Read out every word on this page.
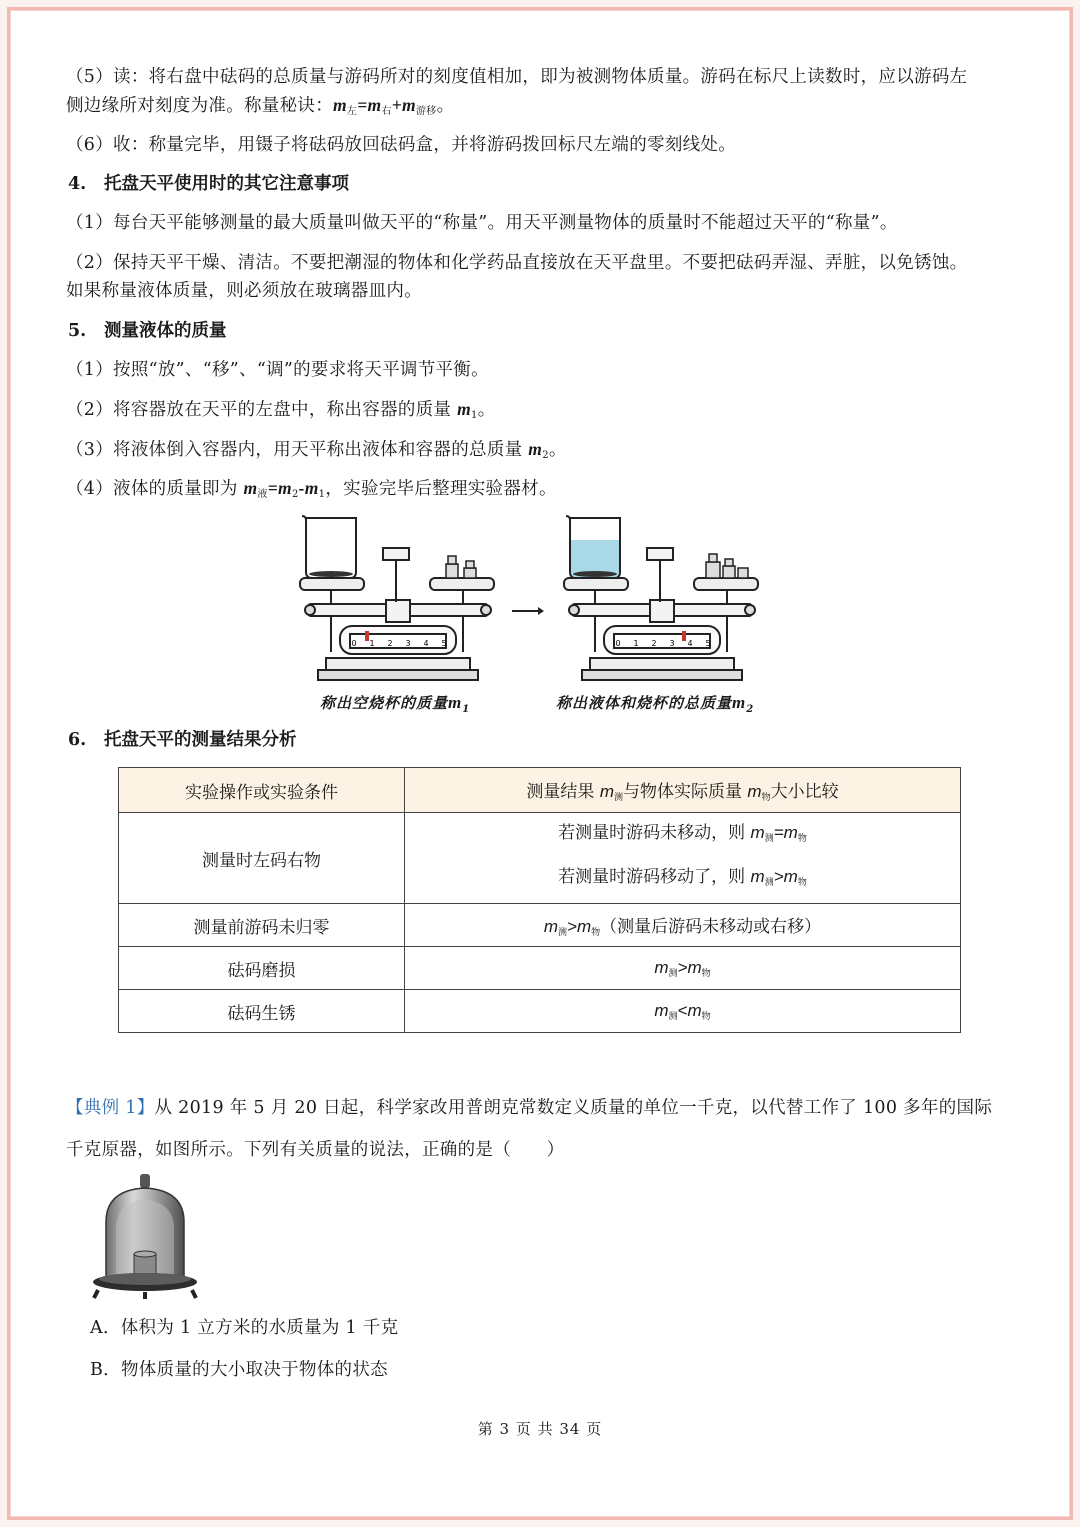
（5）读：将右盘中砝码的总质量与游码所对的刻度值相加，即为被测物体质量。游码在标尺上读数时，应以游码左
侧边缘所对刻度为准。称量秘诀：$m_左=m_右+m_{游移}$。
（6）收：称量完毕，用镊子将砝码放回砝码盒，并将游码拨回标尺左端的零刻线处。
4. 托盘天平使用时的其它注意事项
（1）每台天平能够测量的最大质量叫做天平的“称量”。用天平测量物体的质量时不能超过天平的“称量”。
（2）保持天平干燥、清洁。不要把潮湿的物体和化学药品直接放在天平盘里。不要把砝码弄湿、弄脏，以免锈蚀。
如果称量液体质量，则必须放在玻璃器皿内。
5. 测量液体的质量
（1）按照“放”、“移”、“调”的要求将天平调节平衡。
（2）将容器放在天平的左盘中，称出容器的质量 $m_1$。
（3）将液体倒入容器内，用天平称出液体和容器的总质量 $m_2$。
（4）液体的质量即为 $m_液=m_2-m_1$，实验完毕后整理实验器材。
6. 托盘天平的测量结果分析
【典例 1】从 2019 年 5 月 20 日起，科学家改用普朗克常数定义质量的单位一千克，以代替工作了 100 多年的国际
千克原器，如图所示。下列有关质量的说法，正确的是（　　）
0 1 2 3 4 5	0 1 2 3 4 5
称出空烧杯的质量$m_1$	称出液体和烧杯的总质量$m_2$
实验操作或实验条件	测量结果 m测与物体实际质量 m物大小比较
测量时左码右物	若测量时游码未移动，则 m测=m物
若测量时游码移动了，则 m测>m物

测量前游码未归零	m测>m物（测量后游码未移动或右移）
砝码磨损	m测>m物
砝码生锈	m测<m物
A．体积为 1 立方米的水质量为 1 千克
B．物体质量的大小取决于物体的状态
第 3 页 共 34 页
